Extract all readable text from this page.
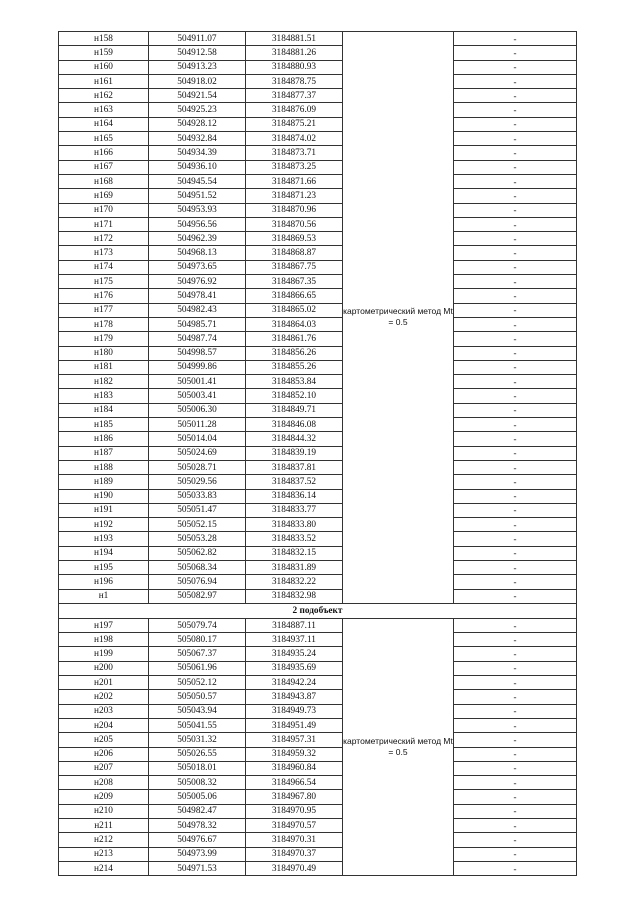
н158	504911.07	3184881.51	картометрический метод Mt = 0.5	-
н159	504912.58	3184881.26		-
н160	504913.23	3184880.93		-
н161	504918.02	3184878.75		-
н162	504921.54	3184877.37		-
н163	504925.23	3184876.09		-
н164	504928.12	3184875.21		-
н165	504932.84	3184874.02		-
н166	504934.39	3184873.71		-
н167	504936.10	3184873.25		-
н168	504945.54	3184871.66		-
н169	504951.52	3184871.23		-
н170	504953.93	3184870.96		-
н171	504956.56	3184870.56		-
н172	504962.39	3184869.53		-
н173	504968.13	3184868.87		-
н174	504973.65	3184867.75		-
н175	504976.92	3184867.35		-
н176	504978.41	3184866.65		-
н177	504982.43	3184865.02		-
н178	504985.71	3184864.03		-
н179	504987.74	3184861.76		-
н180	504998.57	3184856.26		-
н181	504999.86	3184855.26		-
н182	505001.41	3184853.84		-
н183	505003.41	3184852.10		-
н184	505006.30	3184849.71		-
н185	505011.28	3184846.08		-
н186	505014.04	3184844.32		-
н187	505024.69	3184839.19		-
н188	505028.71	3184837.81		-
н189	505029.56	3184837.52		-
н190	505033.83	3184836.14		-
н191	505051.47	3184833.77		-
н192	505052.15	3184833.80		-
н193	505053.28	3184833.52		-
н194	505062.82	3184832.15		-
н195	505068.34	3184831.89		-
н196	505076.94	3184832.22		-
н1	505082.97	3184832.98		-
2 подобъект				
н197	505079.74	3184887.11	картометрический метод Mt = 0.5	-
н198	505080.17	3184937.11		-
н199	505067.37	3184935.24		-
н200	505061.96	3184935.69		-
н201	505052.12	3184942.24		-
н202	505050.57	3184943.87		-
н203	505043.94	3184949.73		-
н204	505041.55	3184951.49		-
н205	505031.32	3184957.31		-
н206	505026.55	3184959.32		-
н207	505018.01	3184960.84		-
н208	505008.32	3184966.54		-
н209	505005.06	3184967.80		-
н210	504982.47	3184970.95		-
н211	504978.32	3184970.57		-
н212	504976.67	3184970.31		-
н213	504973.99	3184970.37		-
н214	504971.53	3184970.49		-
